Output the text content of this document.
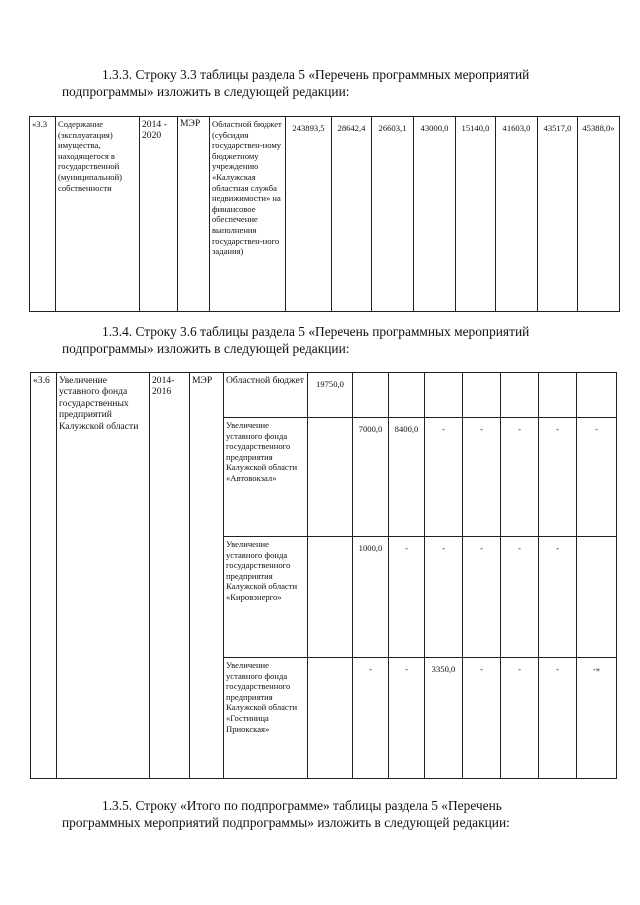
1.3.3. Строку 3.3 таблицы раздела 5 «Перечень программных мероприятий
подпрограммы» изложить в следующей редакции:
«3.3	Содержание (эксплуатация) имущества, находящегося в государственной (муниципальной) собственности	2014 - 2020	МЭР	Областной бюджет (субсидия государствен-ному бюджетному учреждению «Калужская областная служба недвижимости» на финансовое обеспечение выполнения государствен-ного задания)	243893,5	28642,4	26603,1	43000,0	15140,0	41603,0	43517,0	45388,0»
1.3.4. Строку 3.6 таблицы раздела 5 «Перечень программных мероприятий
подпрограммы» изложить в следующей редакции:
«3.6	Увеличение уставного фонда государственных предприятий Калужской области	2014-2016	МЭР	Областной бюджет	19750,0							
				Увеличение уставного фонда государственного предприятия Калужской области «Автовокзал»		7000,0	8400,0	-	-	-	-	-
				Увеличение уставного фонда государственного предприятия Калужской области «Кировэнерго»		1000,0	-	-	-	-	-	
				Увеличение уставного фонда государственного предприятия Калужской области «Гостиница Приокская»		-	-	3350,0	-	-	-	-»
1.3.5. Строку «Итого по подпрограмме» таблицы раздела 5 «Перечень
программных мероприятий подпрограммы» изложить в следующей редакции:
